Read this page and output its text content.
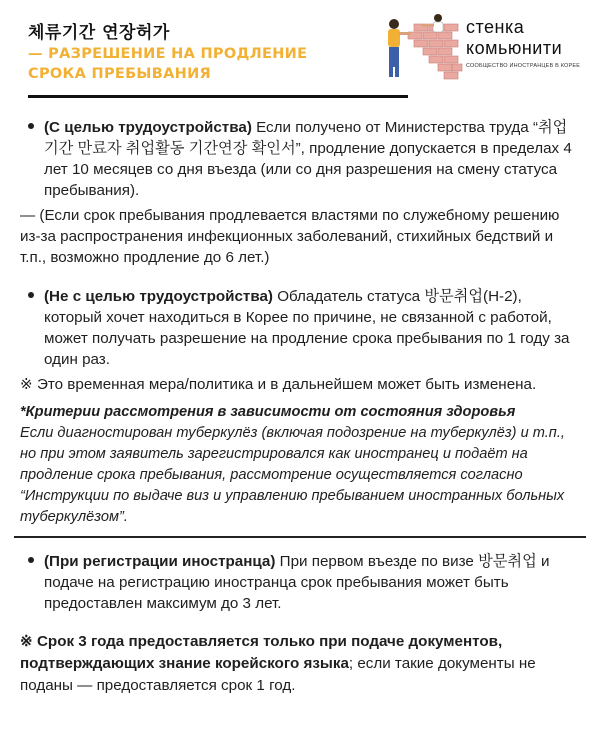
체류기간 연장허가
— РАЗРЕШЕНИЕ НА ПРОДЛЕНИЕ
СРОКА ПРЕБЫВАНИЯ
стенка
комьюнити
СООБЩЕСТВО ИНОСТРАНЦЕВ В КОРЕЕ
(С целью трудоустройства) Если получено от Министерства труда “취업기간 만료자 취업활동 기간연장 확인서”, продление допускается в пределах 4 лет 10 месяцев со дня въезда (или со дня разрешения на смену статуса пребывания).
— (Если срок пребывания продлевается властями по служебному решению из-за распространения инфекционных заболеваний, стихийных бедствий и т.п., возможно продление до 6 лет.)
(Не с целью трудоустройства) Обладатель статуса 방문취업(H-2), который хочет находиться в Корее по причине, не связанной с работой, может получать разрешение на продление срока пребывания по 1 году за один раз.
※ Это временная мера/политика и в дальнейшем может быть изменена.
*Критерии рассмотрения в зависимости от состояния здоровья
Если диагностирован туберкулёз (включая подозрение на туберкулёз) и т.п., но при этом заявитель зарегистрировался как иностранец и подаёт на продление срока пребывания, рассмотрение осуществляется согласно “Инструкции по выдаче виз и управлению пребыванием иностранных больных туберкулёзом”.
(При регистрации иностранца) При первом въезде по визе 방문취업 и подаче на регистрацию иностранца срок пребывания может быть предоставлен максимум до 3 лет.
※ Срок 3 года предоставляется только при подаче документов, подтверждающих знание корейского языка; если такие документы не поданы — предоставляется срок 1 год.
